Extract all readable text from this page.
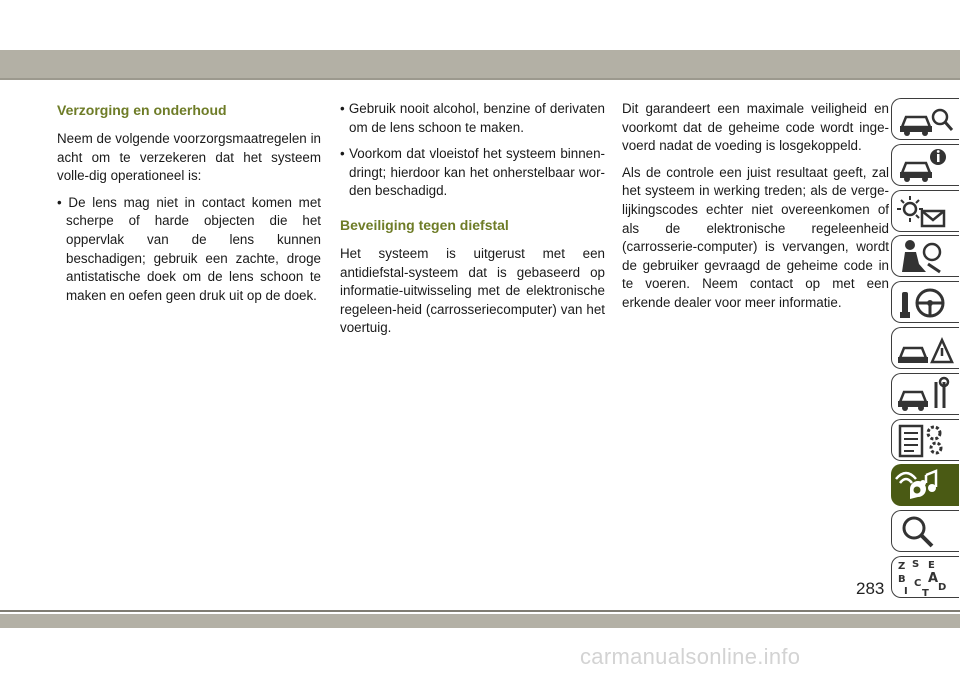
Verzorging en onderhoud

Neem de volgende voorzorgsmaatregelen in acht om te verzekeren dat het systeem volle-dig operationeel is:

• De lens mag niet in contact komen met scherpe of harde objecten die het oppervlak van de lens kunnen beschadigen; gebruik een zachte, droge antistatische doek om de lens schoon te maken en oefen geen druk uit op de doek.

• Gebruik nooit alcohol, benzine of derivaten om de lens schoon te maken.

• Voorkom dat vloeistof het systeem binnen-dringt; hierdoor kan het onherstelbaar wor-den beschadigd.

Beveiliging tegen diefstal

Het systeem is uitgerust met een antidiefstal-systeem dat is gebaseerd op informatie-uitwisseling met de elektronische regeleen-heid (carrosseriecomputer) van het voertuig.

Dit garandeert een maximale veiligheid en voorkomt dat de geheime code wordt inge-voerd nadat de voeding is losgekoppeld.

Als de controle een juist resultaat geeft, zal het systeem in werking treden; als de verge-lijkingscodes echter niet overeenkomen of als de elektronische regeleenheid (carrosserie-computer) is vervangen, wordt de gebruiker gevraagd de geheime code in te voeren. Neem contact op met een erkende dealer voor meer informatie.

Z S E
B A
C D
I T
283
carmanualsonline.info
